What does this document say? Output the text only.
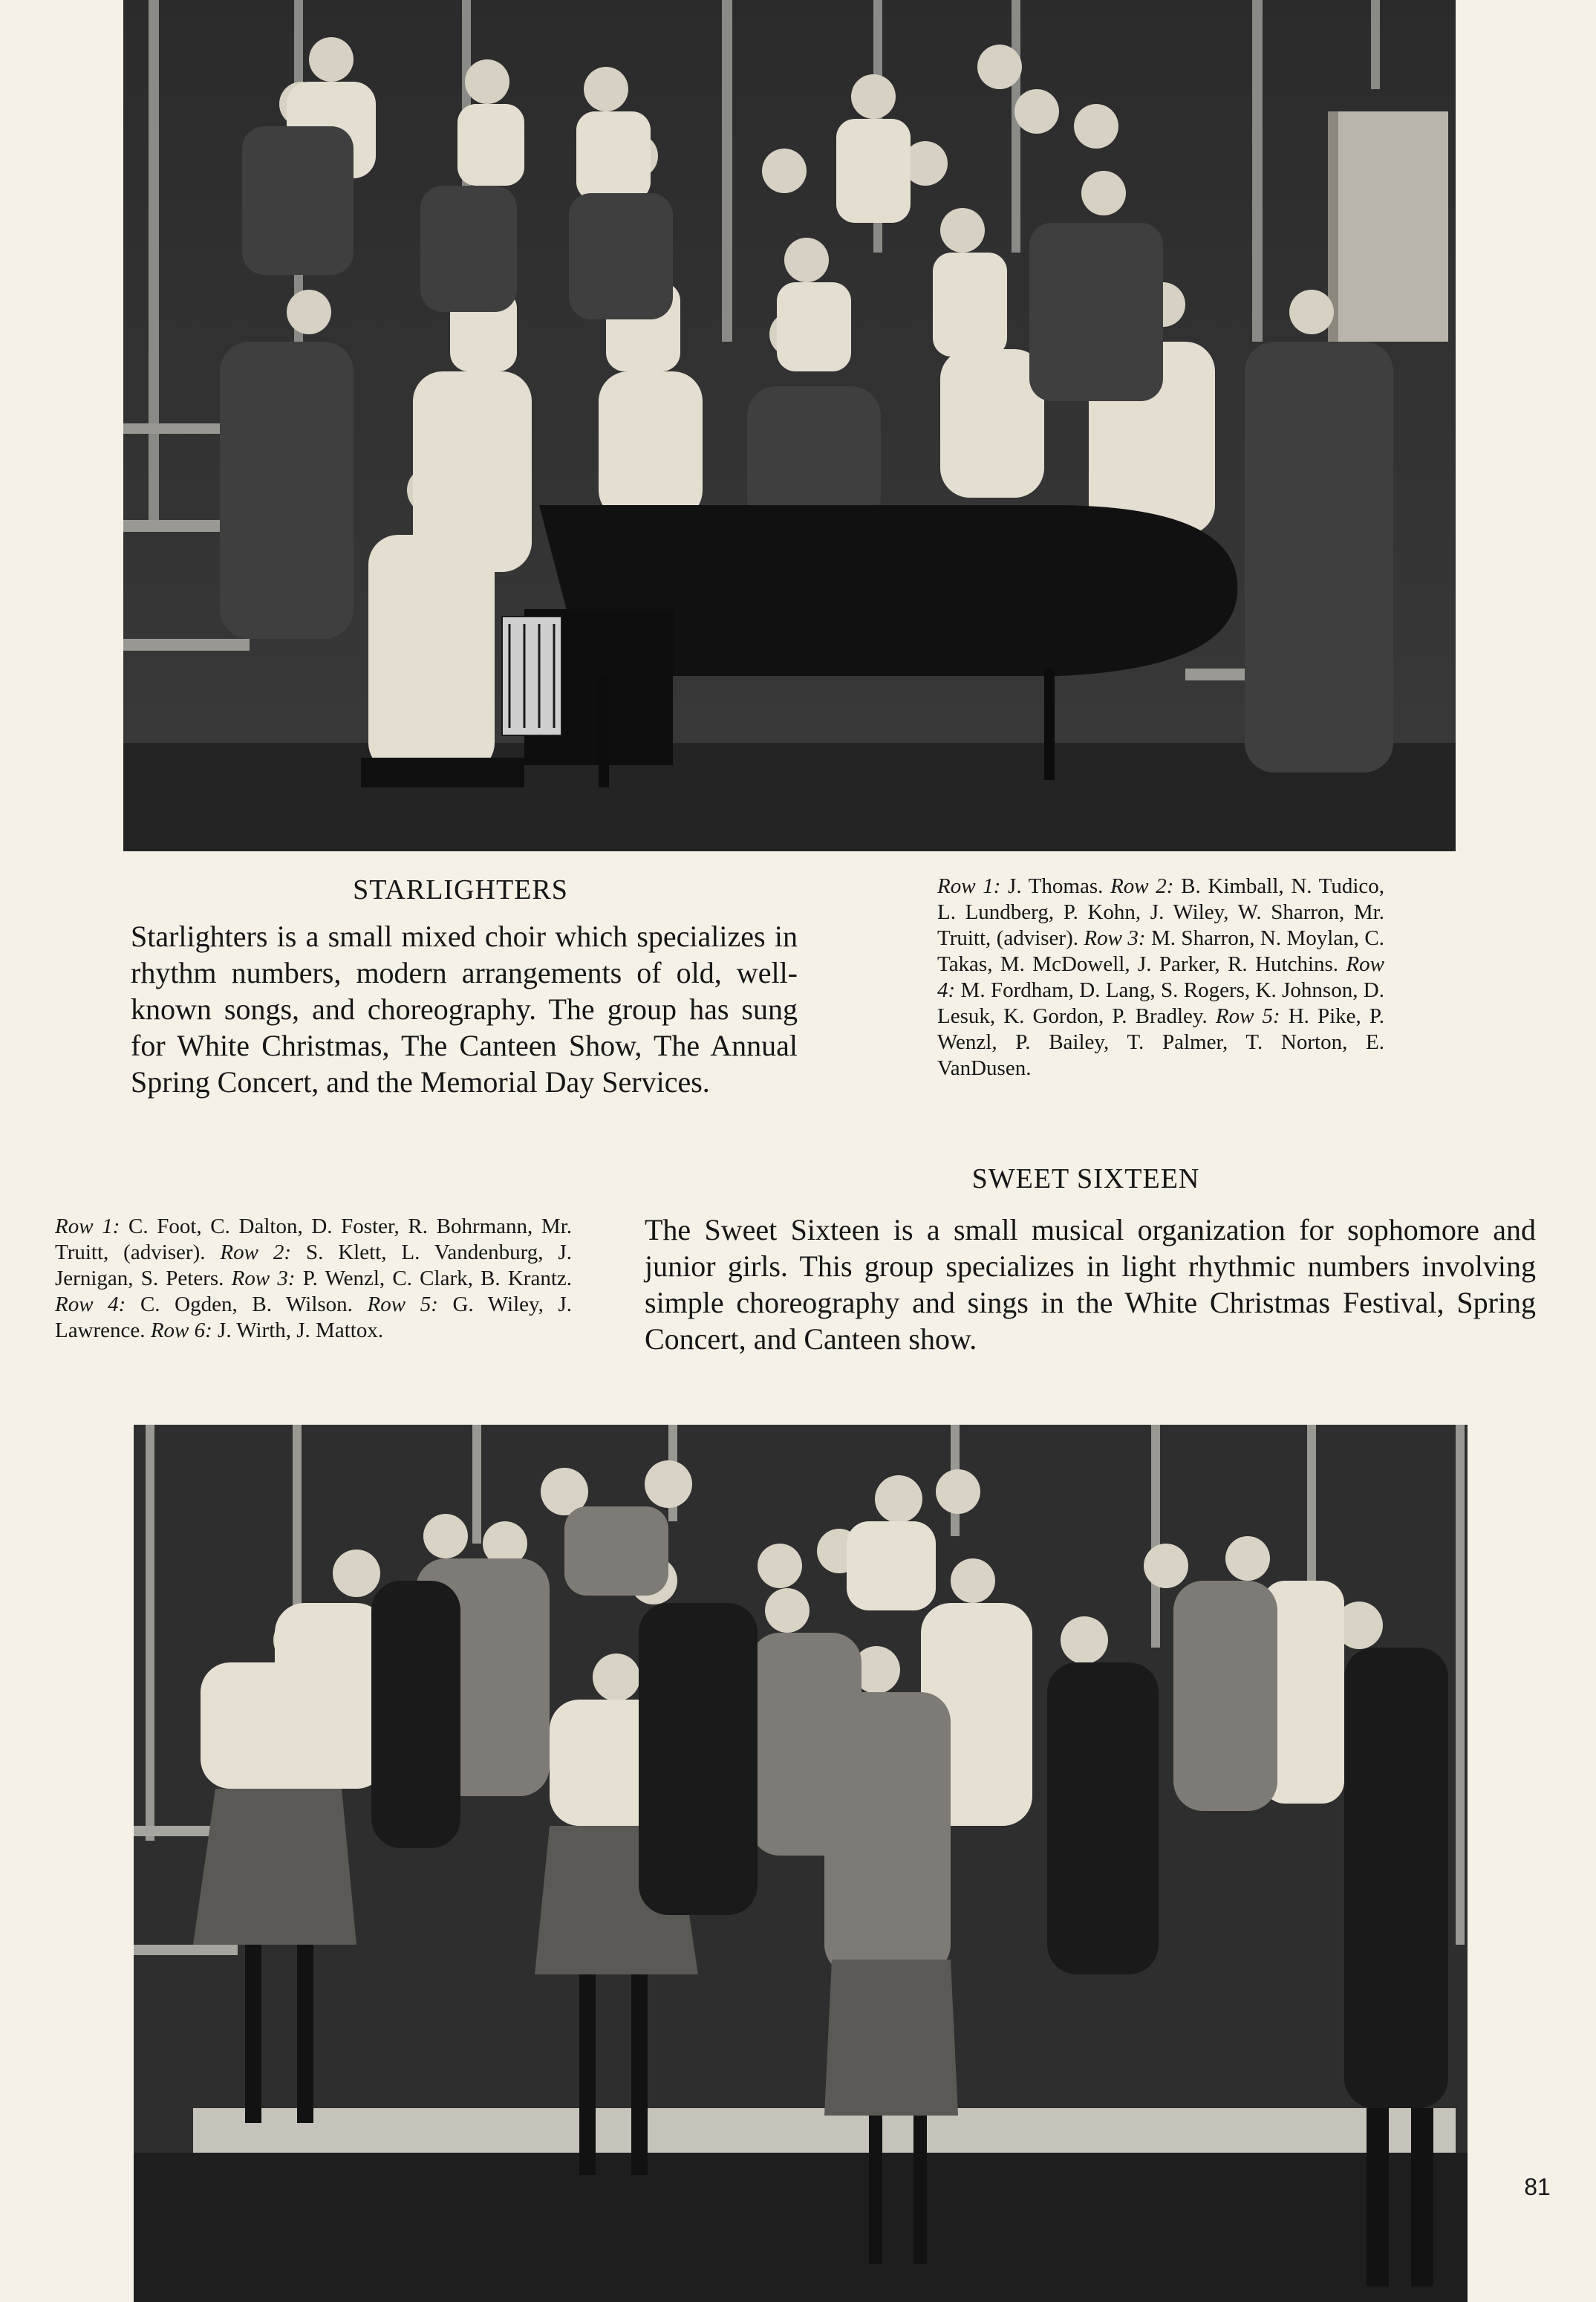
STARLIGHTERS

Starlighters is a small mixed choir which specializes in rhythm numbers, modern arrangements of old, well-known songs, and choreography. The group has sung for White Christmas, The Canteen Show, The Annual Spring Concert, and the Memorial Day Services.

Row 1: J. Thomas. Row 2: B. Kimball, N. Tudico, L. Lundberg, P. Kohn, J. Wiley, W. Sharron, Mr. Truitt, (adviser). Row 3: M. Sharron, N. Moylan, C. Takas, M. McDowell, J. Parker, R. Hutchins. Row 4: M. Fordham, D. Lang, S. Rogers, K. Johnson, D. Lesuk, K. Gordon, P. Bradley. Row 5: H. Pike, P. Wenzl, P. Bailey, T. Palmer, T. Norton, E. VanDusen.

SWEET SIXTEEN

Row 1: C. Foot, C. Dalton, D. Foster, R. Bohrmann, Mr. Truitt, (adviser). Row 2: S. Klett, L. Vandenburg, J. Jernigan, S. Peters. Row 3: P. Wenzl, C. Clark, B. Krantz. Row 4: C. Ogden, B. Wilson. Row 5: G. Wiley, J. Lawrence. Row 6: J. Wirth, J. Mattox.

The Sweet Sixteen is a small musical organization for sophomore and junior girls. This group specializes in light rhythmic numbers involving simple choreography and sings in the White Christmas Festival, Spring Concert, and Canteen show.

81
